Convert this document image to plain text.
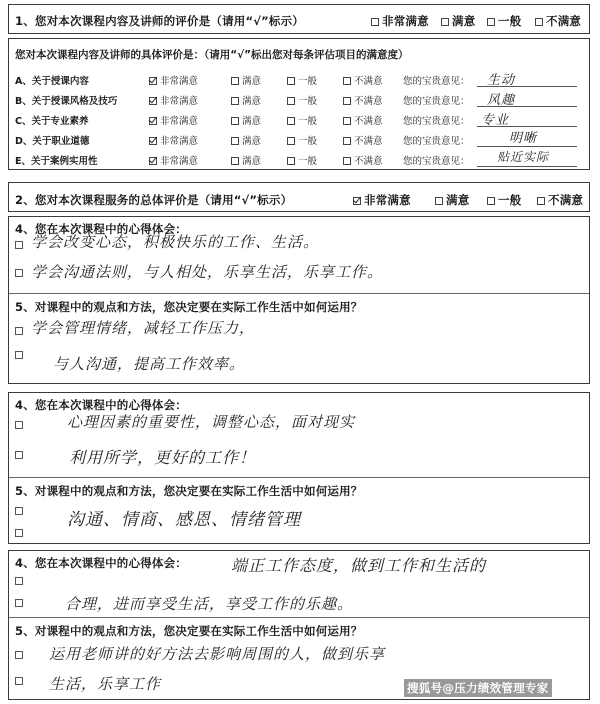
1、您对本次课程内容及讲师的评价是（请用“√”标示）	非常满意	满意	一般	不满意
您对本次课程内容及讲师的具体评价是：（请用“√”标出您对每条评估项目的满意度）
A、关于授课内容	非常满意	满意	一般	不满意 您的宝贵意见： 生动
B、关于授课风格及技巧	非常满意	满意	一般	不满意 您的宝贵意见： 风趣
C、关于专业素养	非常满意	满意	一般	不满意 您的宝贵意见： 专业
D、关于职业道德	非常满意	满意	一般	不满意 您的宝贵意见：	明晰
E、关于案例实用性	非常满意	满意	一般	不满意 您的宝贵意见： 贴近实际
2、您对本次课程服务的总体评价是（请用“√”标示）	非常满意	满意	一般	不满意
4、您在本次课程中的心得体会：
学会改变心态，积极快乐的工作、生活。
学会沟通法则，与人相处，乐享生活，乐享工作。
5、对课程中的观点和方法，您决定要在实际工作生活中如何运用？
学会管理情绪，减轻工作压力，
与人沟通，提高工作效率。
4、您在本次课程中的心得体会：
心理因素的重要性，调整心态，面对现实
利用所学，更好的工作！
5、对课程中的观点和方法，您决定要在实际工作生活中如何运用？
沟通、情商、感恩、情绪管理
4、您在本次课程中的心得体会：	端正工作态度，做到工作和生活的
合理，进而享受生活，享受工作的乐趣。
5、对课程中的观点和方法，您决定要在实际工作生活中如何运用？
运用老师讲的好方法去影响周围的人，做到乐享
生活，乐享工作	搜狐号@压力绩效管理专家
